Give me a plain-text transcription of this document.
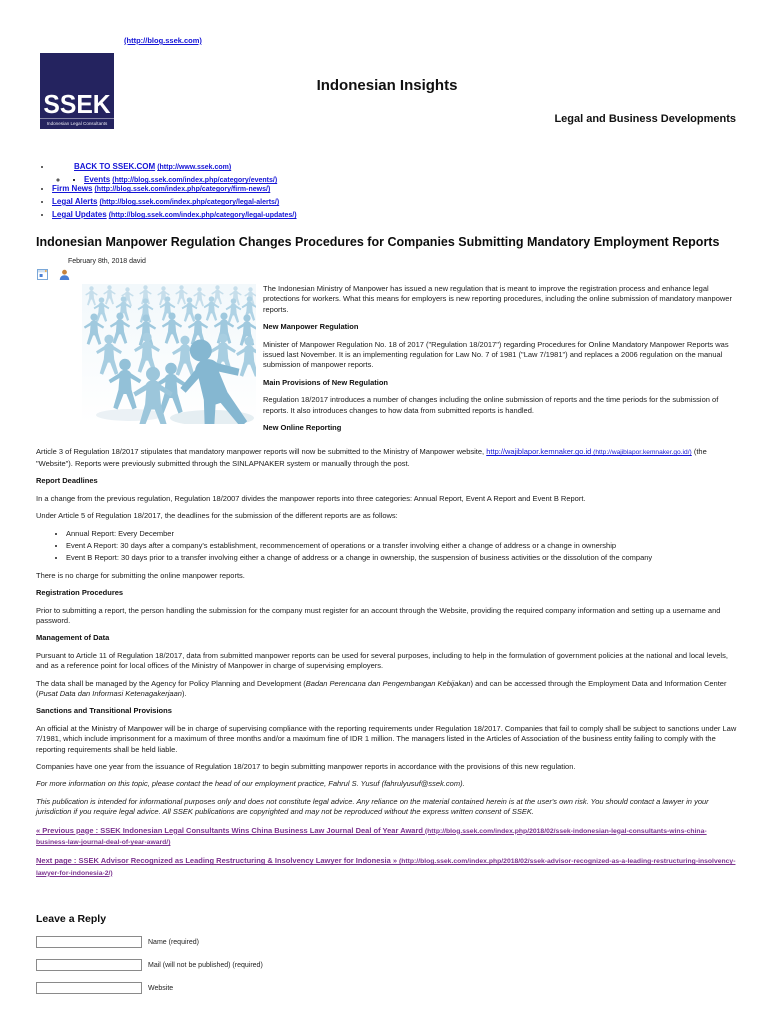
(http://blog.ssek.com)
SSEK
Indonesian Legal Consultants
Indonesian Insights
Legal and Business Developments
• BACK TO SSEK.COM (http://www.ssek.com)
▪ ◦ Events (http://blog.ssek.com/index.php/category/events/)
• Firm News (http://blog.ssek.com/index.php/category/firm-news/)
• Legal Alerts (http://blog.ssek.com/index.php/category/legal-alerts/)
• Legal Updates (http://blog.ssek.com/index.php/category/legal-updates/)
Indonesian Manpower Regulation Changes Procedures for Companies Submitting Mandatory Employment Reports
February 8th, 2018 david

The Indonesian Ministry of Manpower has issued a new regulation that is meant to improve the registration process and enhance legal protections for workers. What this means for employers is new reporting procedures, including the online submission of mandatory manpower reports.

New Manpower Regulation

Minister of Manpower Regulation No. 18 of 2017 ("Regulation 18/2017") regarding Procedures for Online Mandatory Manpower Reports was issued last November. It is an implementing regulation for Law No. 7 of 1981 ("Law 7/1981") and replaces a 2006 regulation on the manual submission of manpower reports.

Main Provisions of New Regulation

Regulation 18/2017 introduces a number of changes including the online submission of reports and the time periods for the submission of reports. It also introduces changes to how data from submitted reports is handled.

New Online Reporting

Article 3 of Regulation 18/2017 stipulates that mandatory manpower reports will now be submitted to the Ministry of Manpower website, http://wajiblapor.kemnaker.go.id (http://wajiblapor.kemnaker.go.id/) (the "Website"). Reports were previously submitted through the SINLAPNAKER system or manually through the post.

Report Deadlines

In a change from the previous regulation, Regulation 18/2007 divides the manpower reports into three categories: Annual Report, Event A Report and Event B Report.

Under Article 5 of Regulation 18/2017, the deadlines for the submission of the different reports are as follows:

• Annual Report: Every December
• Event A Report: 30 days after a company's establishment, recommencement of operations or a transfer involving either a change of address or a change in ownership
• Event B Report: 30 days prior to a transfer involving either a change of address or a change in ownership, the suspension of business activities or the dissolution of the company

There is no charge for submitting the online manpower reports.

Registration Procedures

Prior to submitting a report, the person handling the submission for the company must register for an account through the Website, providing the required company information and setting up a username and password.

Management of Data

Pursuant to Article 11 of Regulation 18/2017, data from submitted manpower reports can be used for several purposes, including to help in the formulation of government policies at the national and local levels, and as a reference point for local offices of the Ministry of Manpower in charge of supervising employers.

The data shall be managed by the Agency for Policy Planning and Development (Badan Perencana dan Pengembangan Kebijakan) and can be accessed through the Employment Data and Information Center (Pusat Data dan Informasi Ketenagakerjaan).

Sanctions and Transitional Provisions

An official at the Ministry of Manpower will be in charge of supervising compliance with the reporting requirements under Regulation 18/2017. Companies that fail to comply shall be subject to sanctions under Law 7/1981, which include imprisonment for a maximum of three months and/or a maximum fine of IDR 1 million. The managers listed in the Articles of Association of the business entity failing to comply with the reporting requirements shall be held liable.

Companies have one year from the issuance of Regulation 18/2017 to begin submitting manpower reports in accordance with the provisions of this new regulation.

For more information on this topic, please contact the head of our employment practice, Fahrul S. Yusuf (fahrulyusuf@ssek.com).

This publication is intended for informational purposes only and does not constitute legal advice. Any reliance on the material contained herein is at the user's own risk. You should contact a lawyer in your jurisdiction if you require legal advice. All SSEK publications are copyrighted and may not be reproduced without the express written consent of SSEK.

« Previous page : SSEK Indonesian Legal Consultants Wins China Business Law Journal Deal of Year Award (http://blog.ssek.com/index.php/2018/02/ssek-indonesian-legal-consultants-wins-china-business-law-journal-deal-of-year-award/)

Next page : SSEK Advisor Recognized as Leading Restructuring & Insolvency Lawyer for Indonesia » (http://blog.ssek.com/index.php/2018/02/ssek-advisor-recognized-as-a-leading-restructuring-insolvency-lawyer-for-indonesia-2/)

Leave a Reply
Name (required)
Mail (will not be published) (required)
Website
